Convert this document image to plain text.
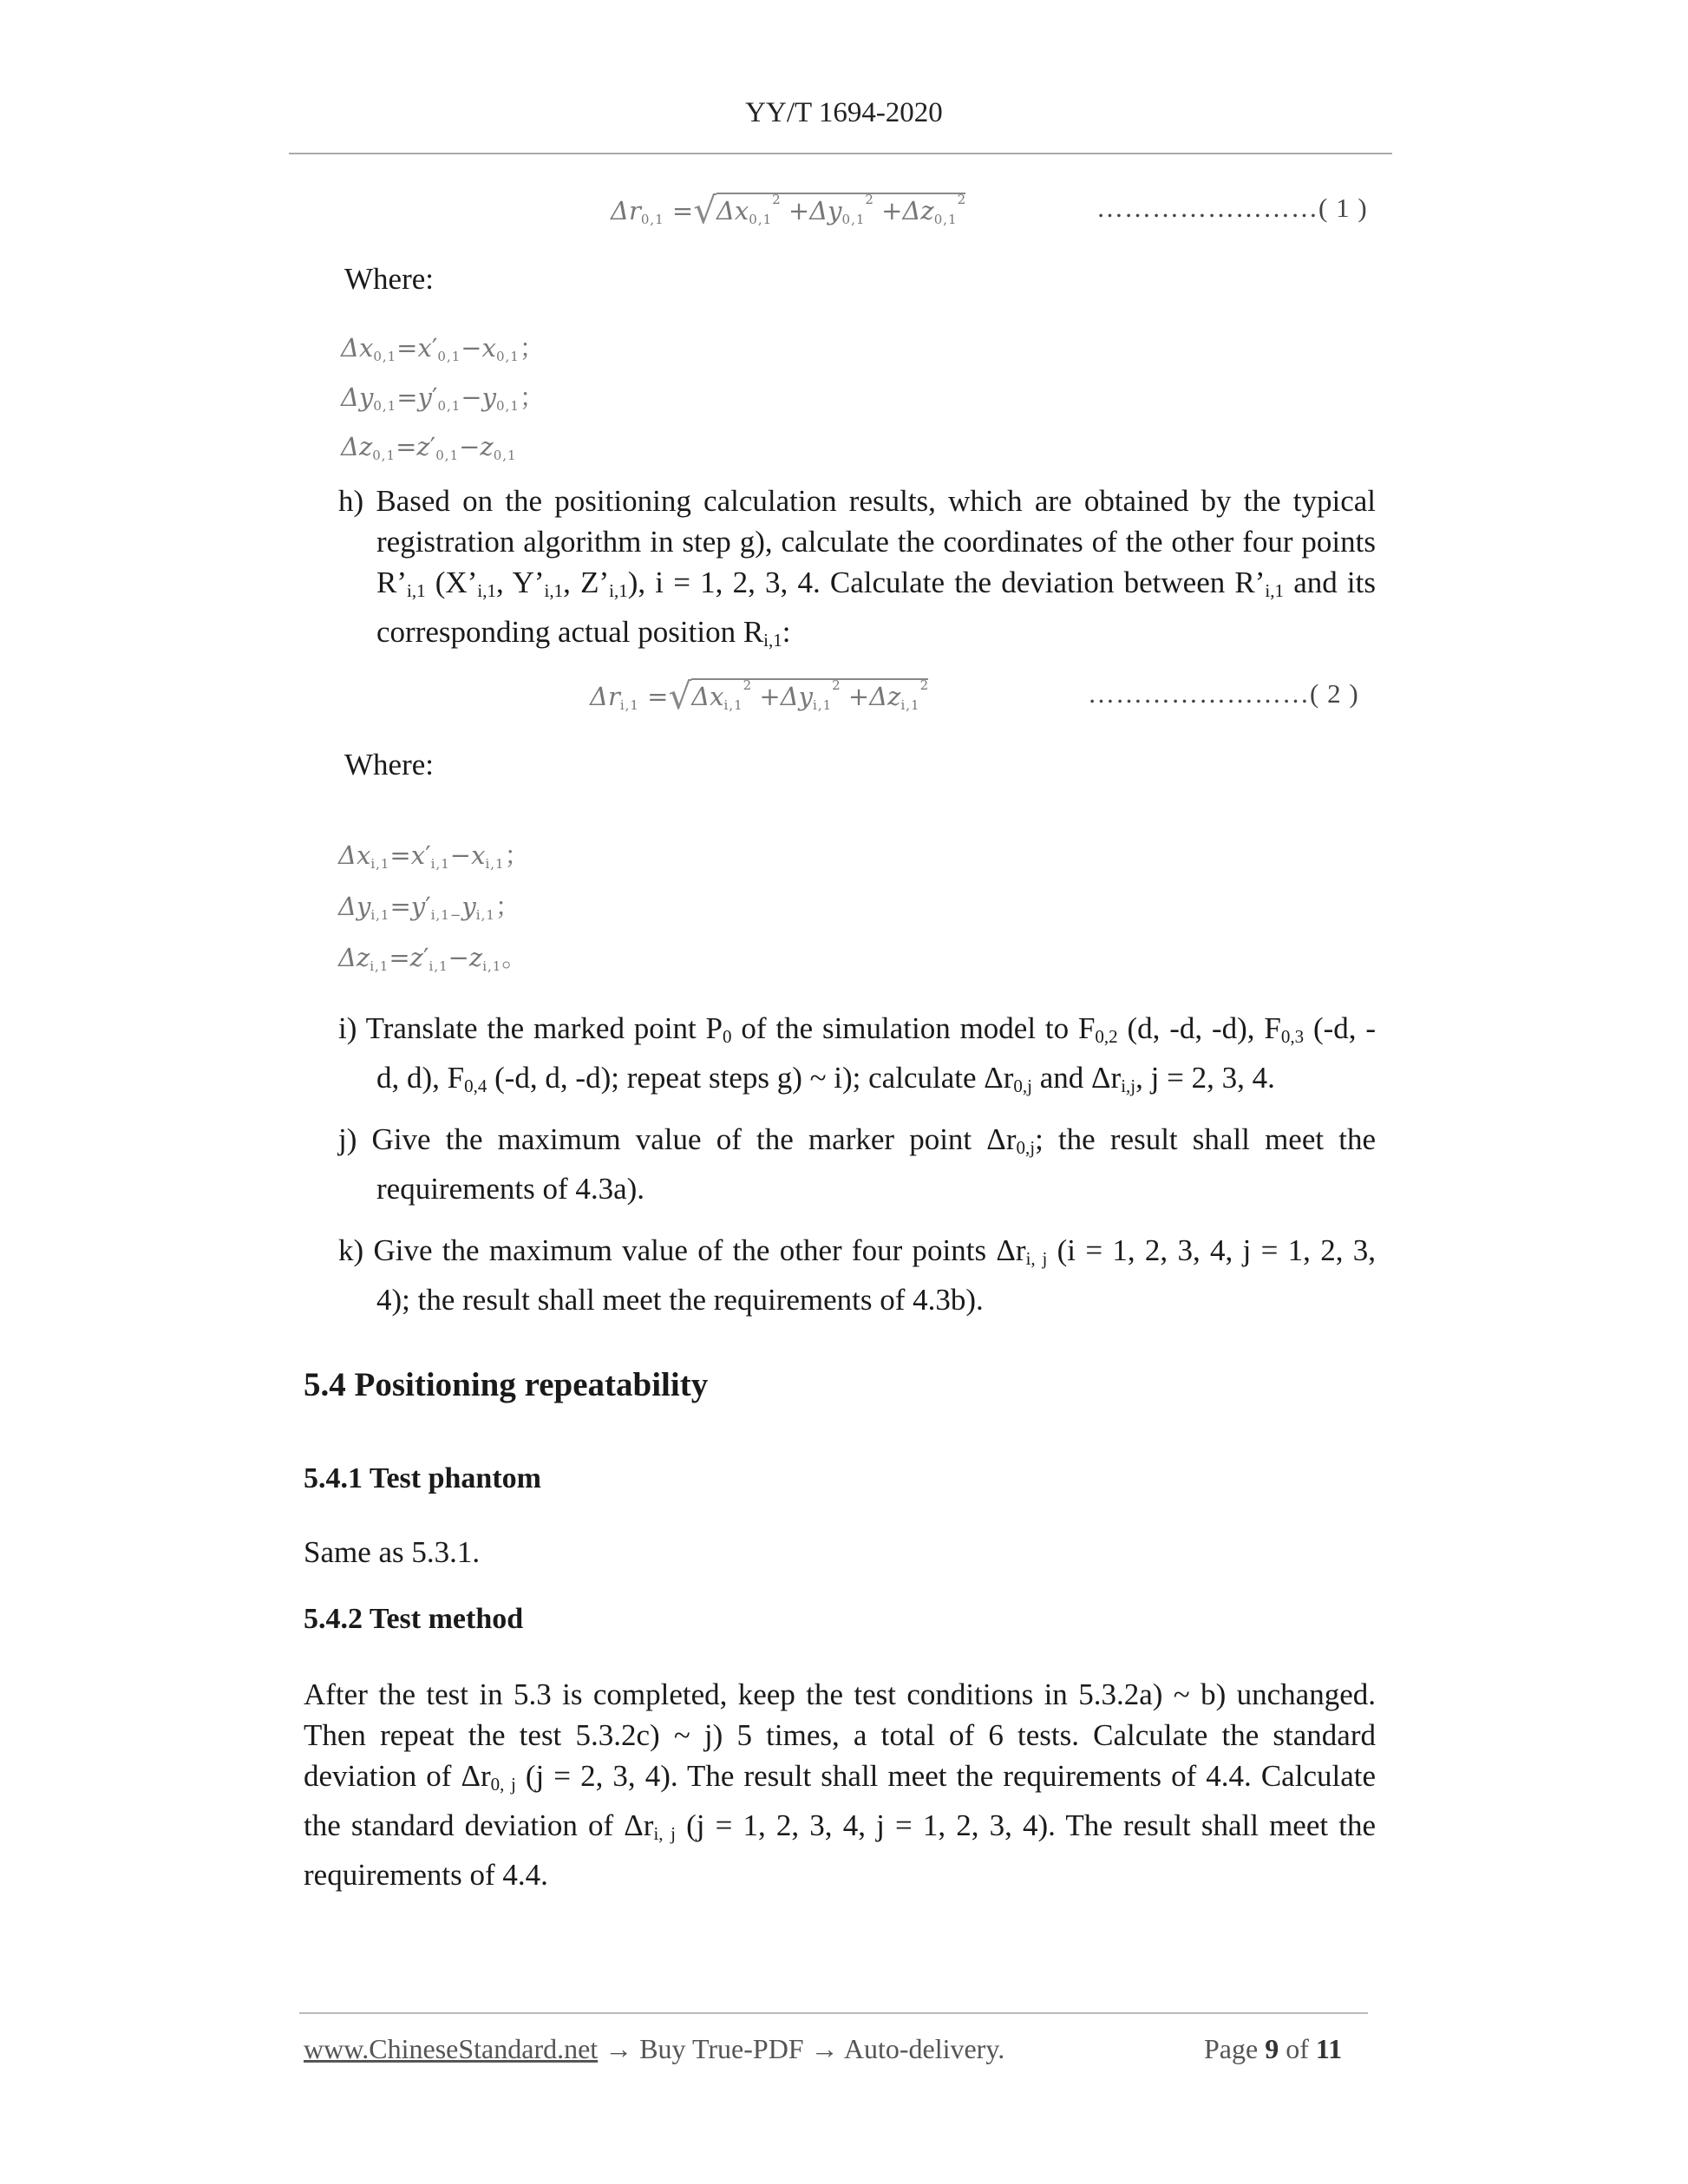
YY/T 1694-2020
$\Delta r_{0,1} =√\Delta x_{0,1}^2 +\Delta y_{0,1}^2 +\Delta z_{0,1}^2$	……………………( 1 )
Where:
$\Delta x_{0,1}=x'_{0,1}-x_{0,1}$；
$\Delta y_{0,1}=y'_{0,1}-y_{0,1}$；
$\Delta z_{0,1}=z'_{0,1}-z_{0,1}$
h) Based on the positioning calculation results, which are obtained by the typical
registration algorithm in step g), calculate the coordinates of the other four points
R’i,1 (X’i,1, Y’i,1, Z’i,1), i = 1, 2, 3, 4. Calculate the deviation between R’i,1 and its
corresponding actual position Ri,1:
$\Delta r_{i,1} =√\Delta x_{i,1}^2 +\Delta y_{i,1}^2 +\Delta z_{i,1}^2$	……………………( 2 )
Where:
$\Delta x_{i,1}=x'_{i,1}-x_{i,1}$；
$\Delta y_{i,1}=y'_{i,1-}y_{i,1}$；
$\Delta z_{i,1}=z'_{i,1}-z_{i,1}$。
i) Translate the marked point P0 of the simulation model to F0,2 (d, -d, -d), F0,3 (-d, -
d, d), F0,4 (-d, d, -d); repeat steps g) ~ i); calculate Δr0,j and Δri,j, j = 2, 3, 4.
j) Give the maximum value of the marker point Δr0,j; the result shall meet the
requirements of 4.3a).
k) Give the maximum value of the other four points Δri, j (i = 1, 2, 3, 4, j = 1, 2, 3,
4); the result shall meet the requirements of 4.3b).
5.4 Positioning repeatability
5.4.1 Test phantom
Same as 5.3.1.
5.4.2 Test method
After the test in 5.3 is completed, keep the test conditions in 5.3.2a) ~ b) unchanged.
Then repeat the test 5.3.2c) ~ j) 5 times, a total of 6 tests. Calculate the standard
deviation of Δr0, j (j = 2, 3, 4). The result shall meet the requirements of 4.4. Calculate
the standard deviation of Δri, j (j = 1, 2, 3, 4, j = 1, 2, 3, 4). The result shall meet the
requirements of 4.4.
www.ChineseStandard.net → Buy True-PDF → Auto-delivery.	Page 9 of 11
